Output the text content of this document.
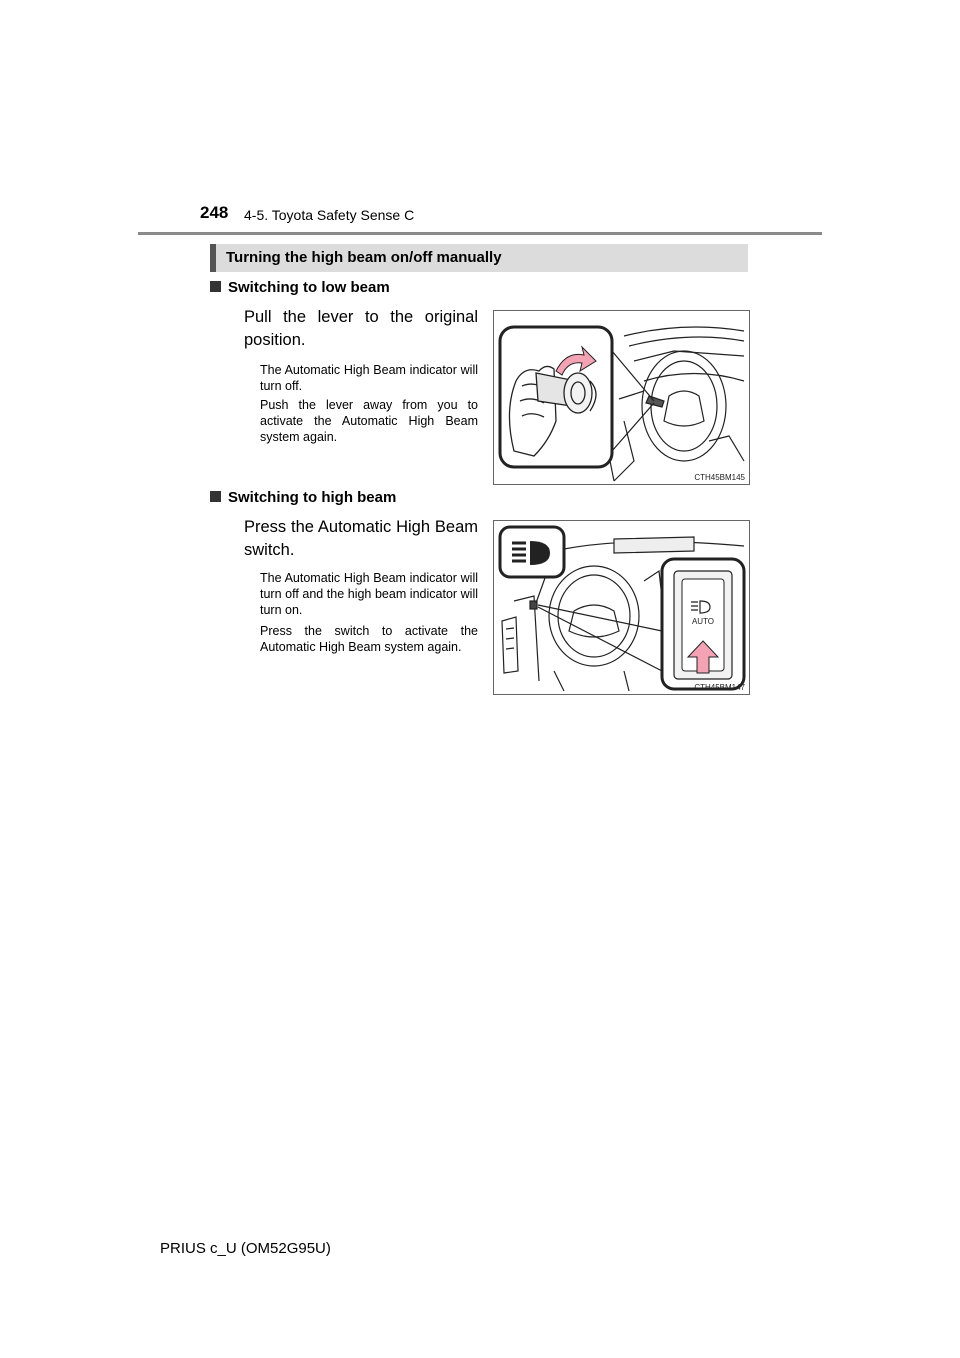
248 4-5. Toyota Safety Sense C
Turning the high beam on/off manually
Switching to low beam
Pull the lever to the original position.
The Automatic High Beam indicator will turn off.
Push the lever away from you to activate the Automatic High Beam system again.
CTH45BM145
Switching to high beam
Press the Automatic High Beam switch.
The Automatic High Beam indicator will turn off and the high beam indicator will turn on.
Press the switch to activate the Automatic High Beam system again.
AUTO
CTH45BM147
PRIUS c_U (OM52G95U)
